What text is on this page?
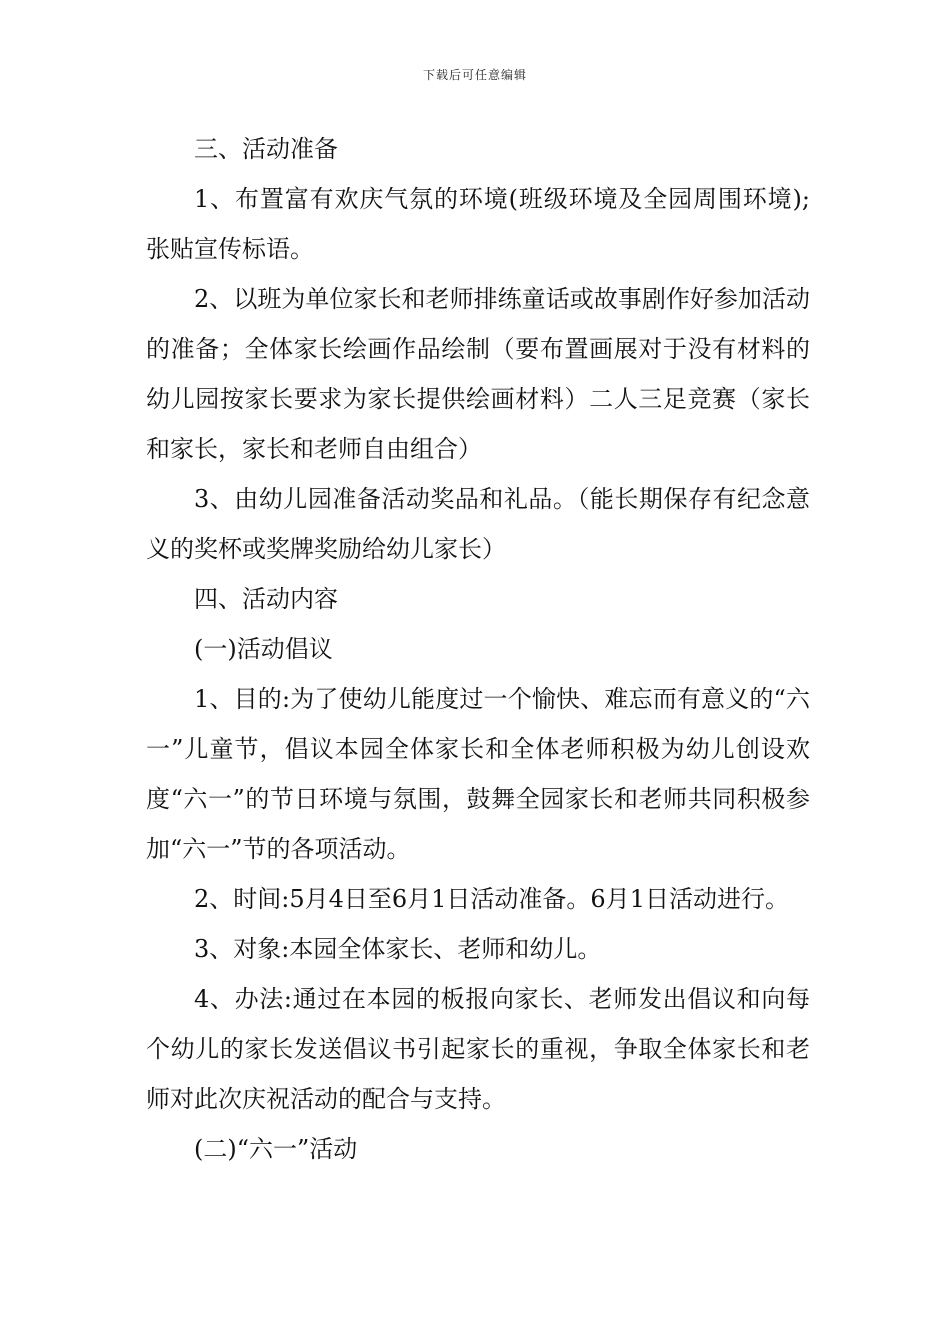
下载后可任意编辑

三、活动准备

1、布置富有欢庆气氛的环境(班级环境及全园周围环境);张贴宣传标语。

2、以班为单位家长和老师排练童话或故事剧作好参加活动的准备；全体家长绘画作品绘制（要布置画展对于没有材料的幼儿园按家长要求为家长提供绘画材料）二人三足竞赛（家长和家长，家长和老师自由组合）

3、由幼儿园准备活动奖品和礼品。（能长期保存有纪念意义的奖杯或奖牌奖励给幼儿家长）

四、活动内容

(一)活动倡议

1、目的:为了使幼儿能度过一个愉快、难忘而有意义的“六一”儿童节，倡议本园全体家长和全体老师积极为幼儿创设欢度“六一”的节日环境与氛围，鼓舞全园家长和老师共同积极参加“六一”节的各项活动。

2、时间:5月4日至6月1日活动准备。6月1日活动进行。

3、对象:本园全体家长、老师和幼儿。

4、办法:通过在本园的板报向家长、老师发出倡议和向每个幼儿的家长发送倡议书引起家长的重视，争取全体家长和老师对此次庆祝活动的配合与支持。

(二)“六一”活动
